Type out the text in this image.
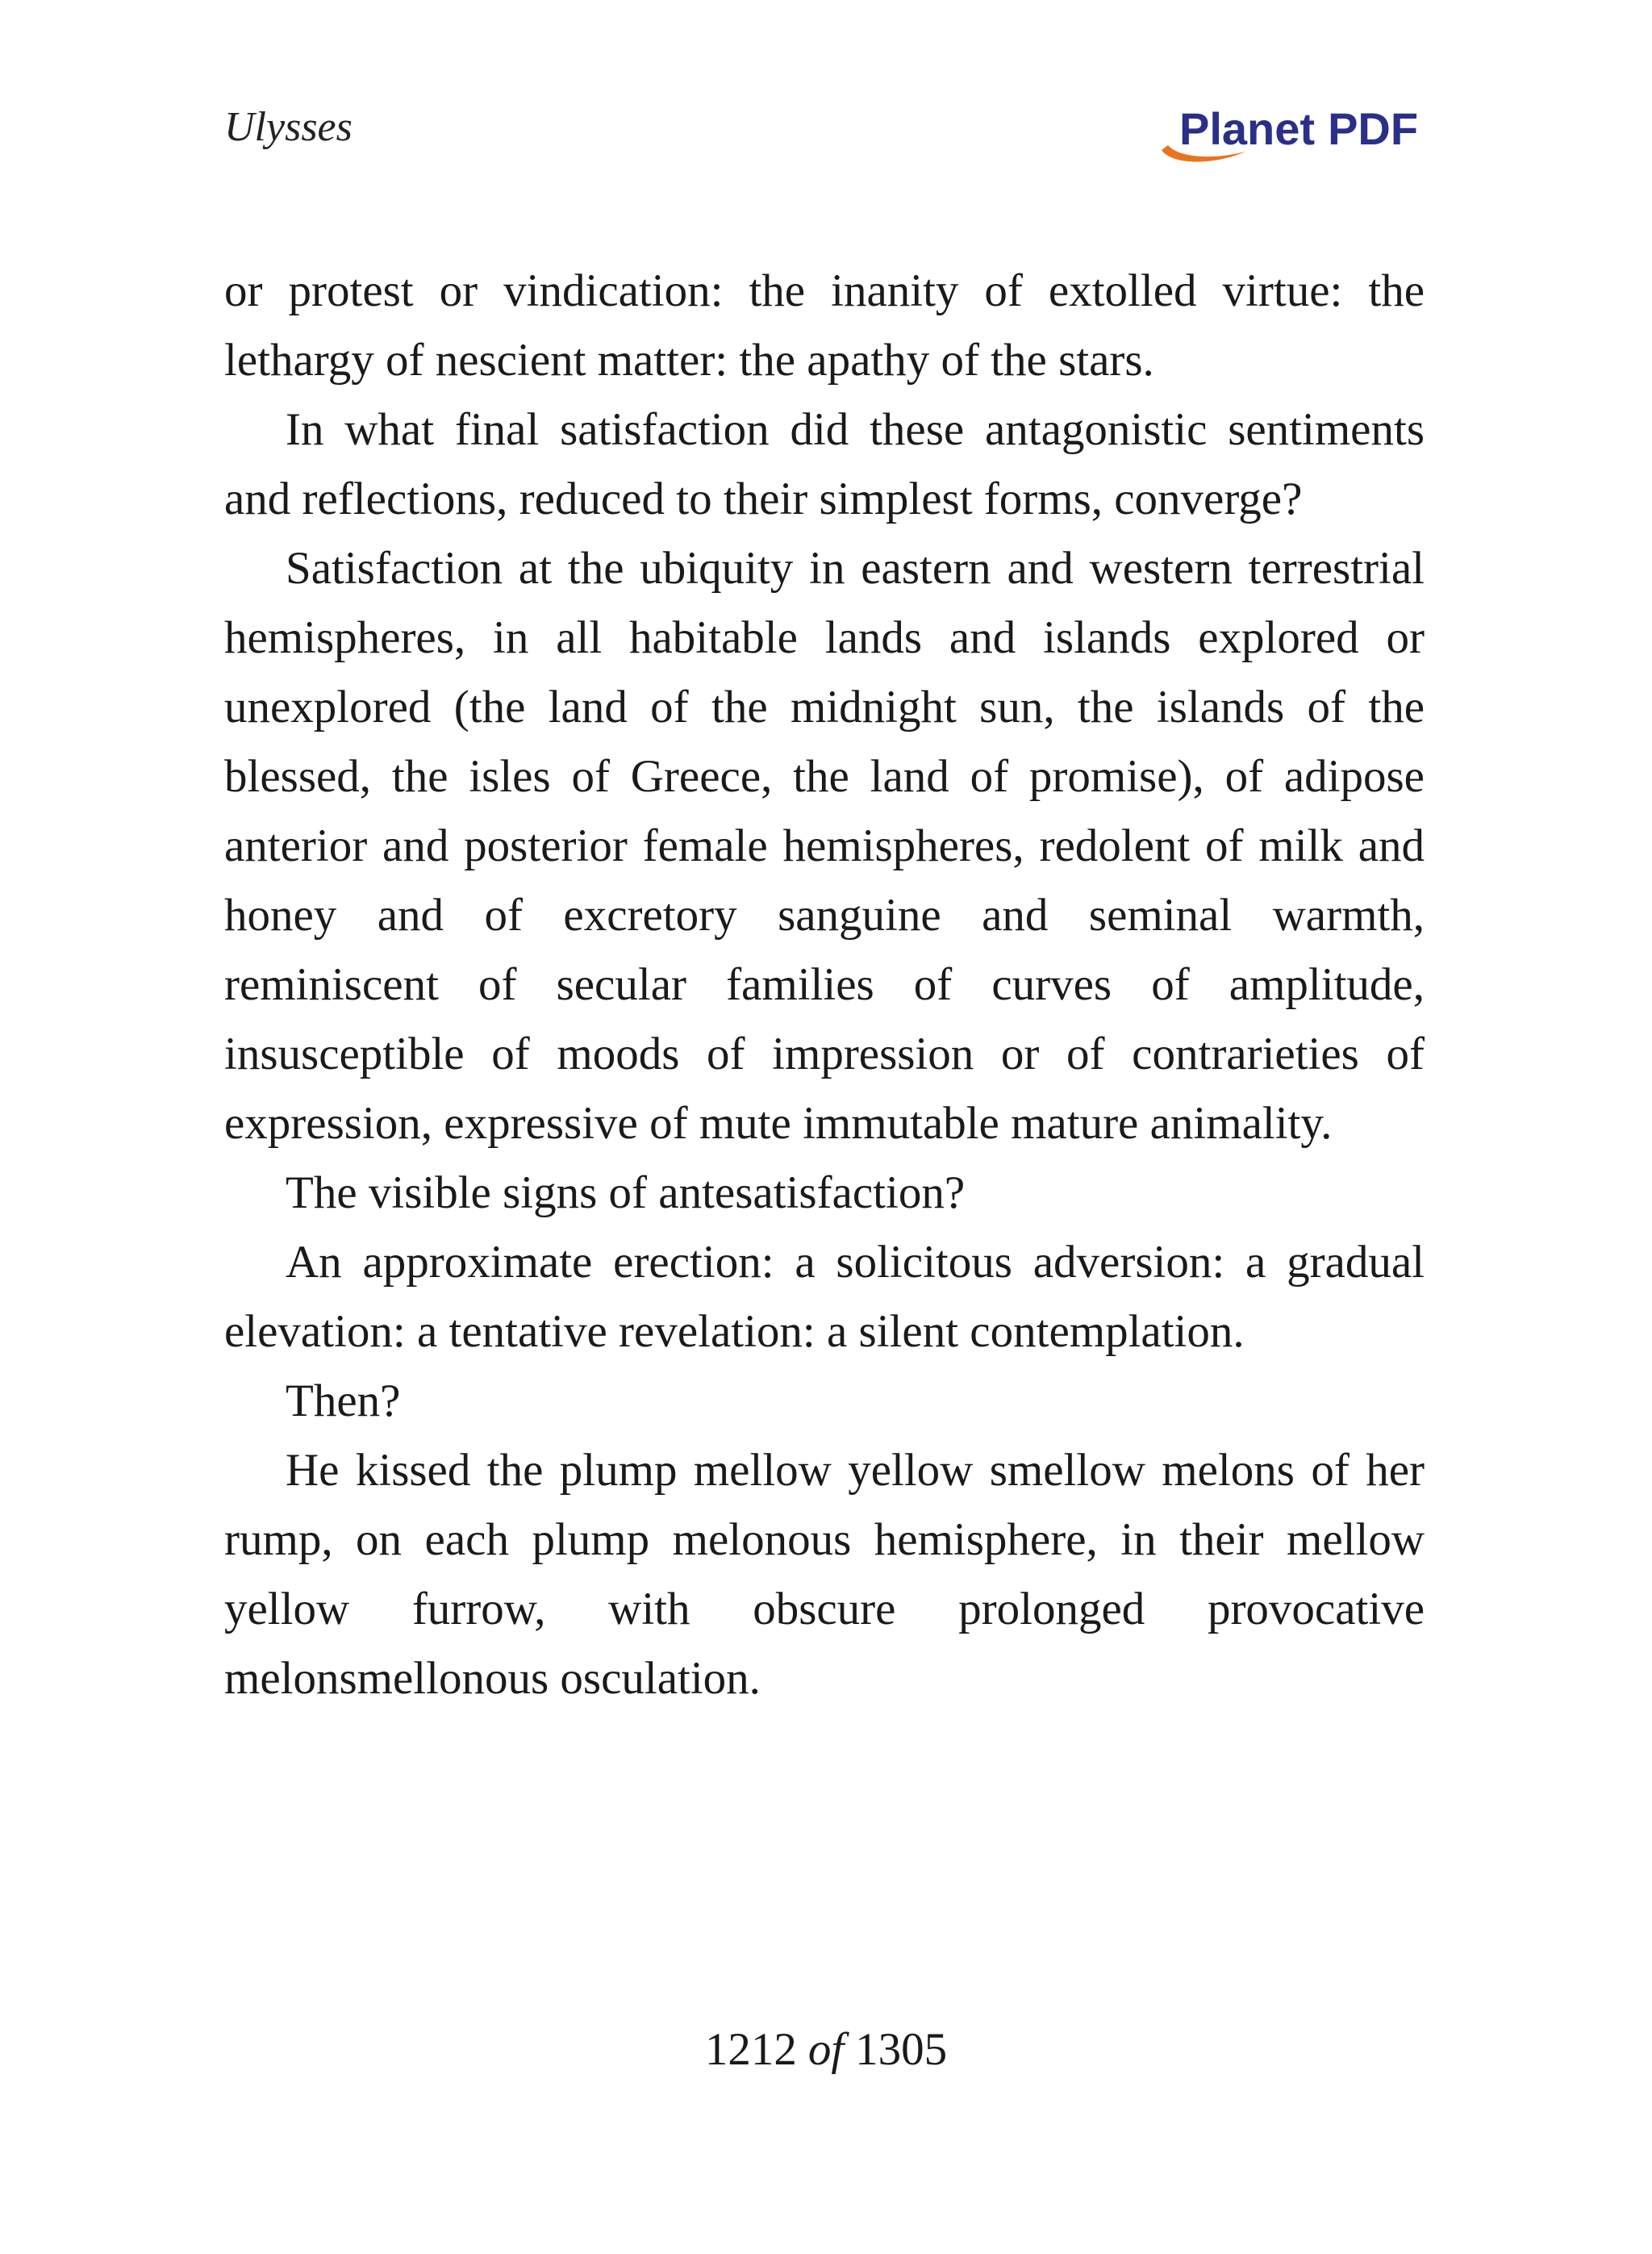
Ulysses	Planet PDF

or protest or vindication: the inanity of extolled virtue: the lethargy of nescient matter: the apathy of the stars.

In what final satisfaction did these antagonistic sentiments and reflections, reduced to their simplest forms, converge?

Satisfaction at the ubiquity in eastern and western terrestrial hemispheres, in all habitable lands and islands explored or unexplored (the land of the midnight sun, the islands of the blessed, the isles of Greece, the land of promise), of adipose anterior and posterior female hemispheres, redolent of milk and honey and of excretory sanguine and seminal warmth, reminiscent of secular families of curves of amplitude, insusceptible of moods of impression or of contrarieties of expression, expressive of mute immutable mature animality.

The visible signs of antesatisfaction?

An approximate erection: a solicitous adversion: a gradual elevation: a tentative revelation: a silent contemplation.

Then?

He kissed the plump mellow yellow smellow melons of her rump, on each plump melonous hemisphere, in their mellow yellow furrow, with obscure prolonged provocative melonsmellonous osculation.

1212 of 1305
